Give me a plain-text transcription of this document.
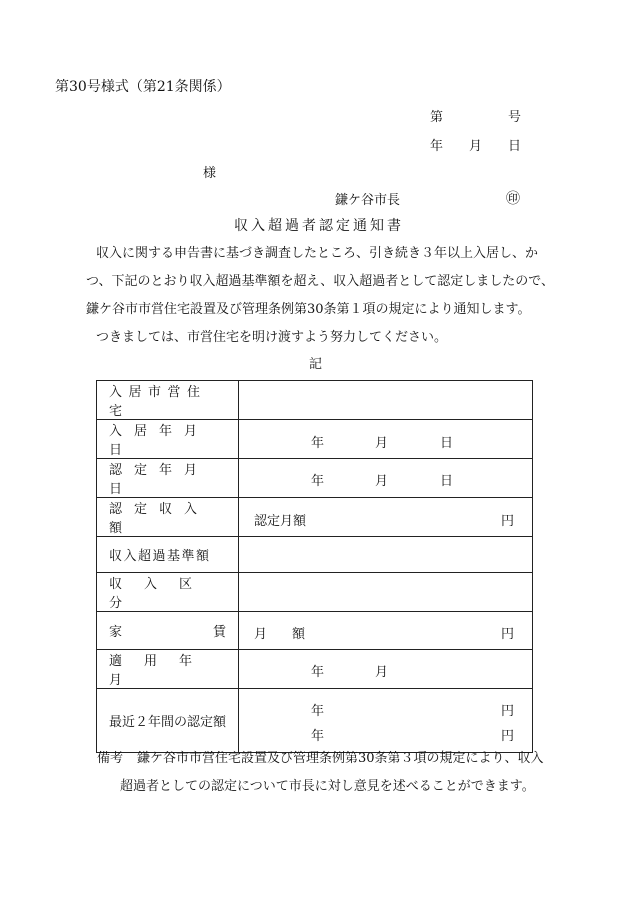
第30号様式（第21条関係）
第	号
年 月 日
様
鎌ケ谷市長	㊞
収入超過者認定通知書
収入に関する申告書に基づき調査したところ、引き続き３年以上入居し、か
つ、下記のとおり収入超過基準額を超え、収入超過者として認定しましたので、
鎌ケ谷市市営住宅設置及び管理条例第30条第１項の規定により通知します。
つきましては、市営住宅を明け渡すよう努力してください。
記
入居市営住宅	

入居年月日	年 月 日

認定年月日	年 月 日

認定収入額	認定月額 円

収入超過基準額	

収入区分	

家 賃	月 額 円

適用年月	年 月

最近２年間の認定額	年 円
年 円
備考 鎌ケ谷市市営住宅設置及び管理条例第30条第３項の規定により、収入
超過者としての認定について市長に対し意見を述べることができます。
